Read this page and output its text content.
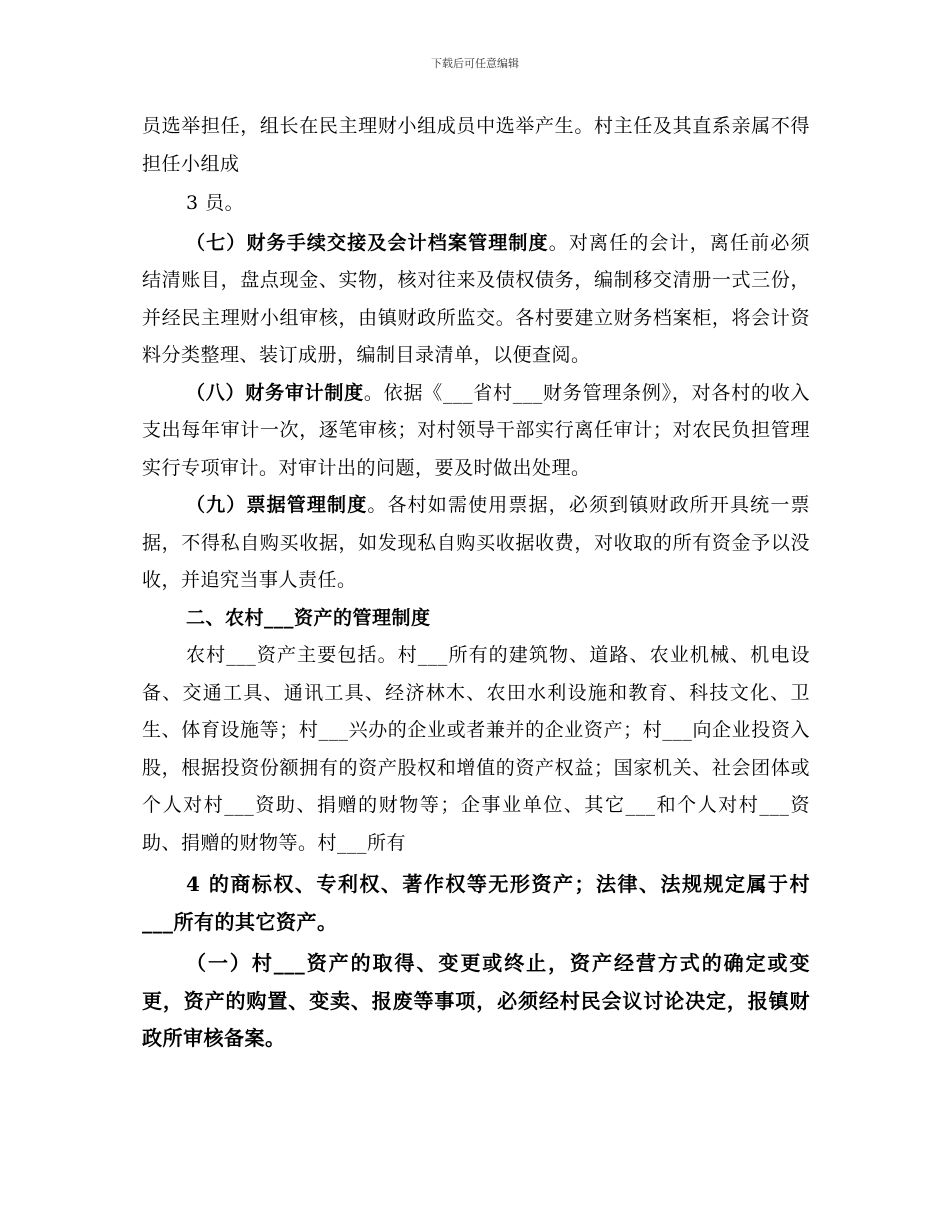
下载后可任意编辑

员选举担任，组长在民主理财小组成员中选举产生。村主任及其直系亲属不得担任小组成

3 员。

（七）财务手续交接及会计档案管理制度。对离任的会计，离任前必须结清账目，盘点现金、实物，核对往来及债权债务，编制移交清册一式三份，并经民主理财小组审核，由镇财政所监交。各村要建立财务档案柜，将会计资料分类整理、装订成册，编制目录清单，以便查阅。

（八）财务审计制度。依据《___省村___财务管理条例》，对各村的收入支出每年审计一次，逐笔审核；对村领导干部实行离任审计；对农民负担管理实行专项审计。对审计出的问题，要及时做出处理。

（九）票据管理制度。各村如需使用票据，必须到镇财政所开具统一票据，不得私自购买收据，如发现私自购买收据收费，对收取的所有资金予以没收，并追究当事人责任。

二、农村___资产的管理制度

农村___资产主要包括。村___所有的建筑物、道路、农业机械、机电设备、交通工具、通讯工具、经济林木、农田水利设施和教育、科技文化、卫生、体育设施等；村___兴办的企业或者兼并的企业资产；村___向企业投资入股，根据投资份额拥有的资产股权和增值的资产权益；国家机关、社会团体或个人对村___资助、捐赠的财物等；企事业单位、其它___和个人对村___资助、捐赠的财物等。村___所有

4 的商标权、专利权、著作权等无形资产；法律、法规规定属于村___所有的其它资产。

（一）村___资产的取得、变更或终止，资产经营方式的确定或变更，资产的购置、变卖、报废等事项，必须经村民会议讨论决定，报镇财政所审核备案。
